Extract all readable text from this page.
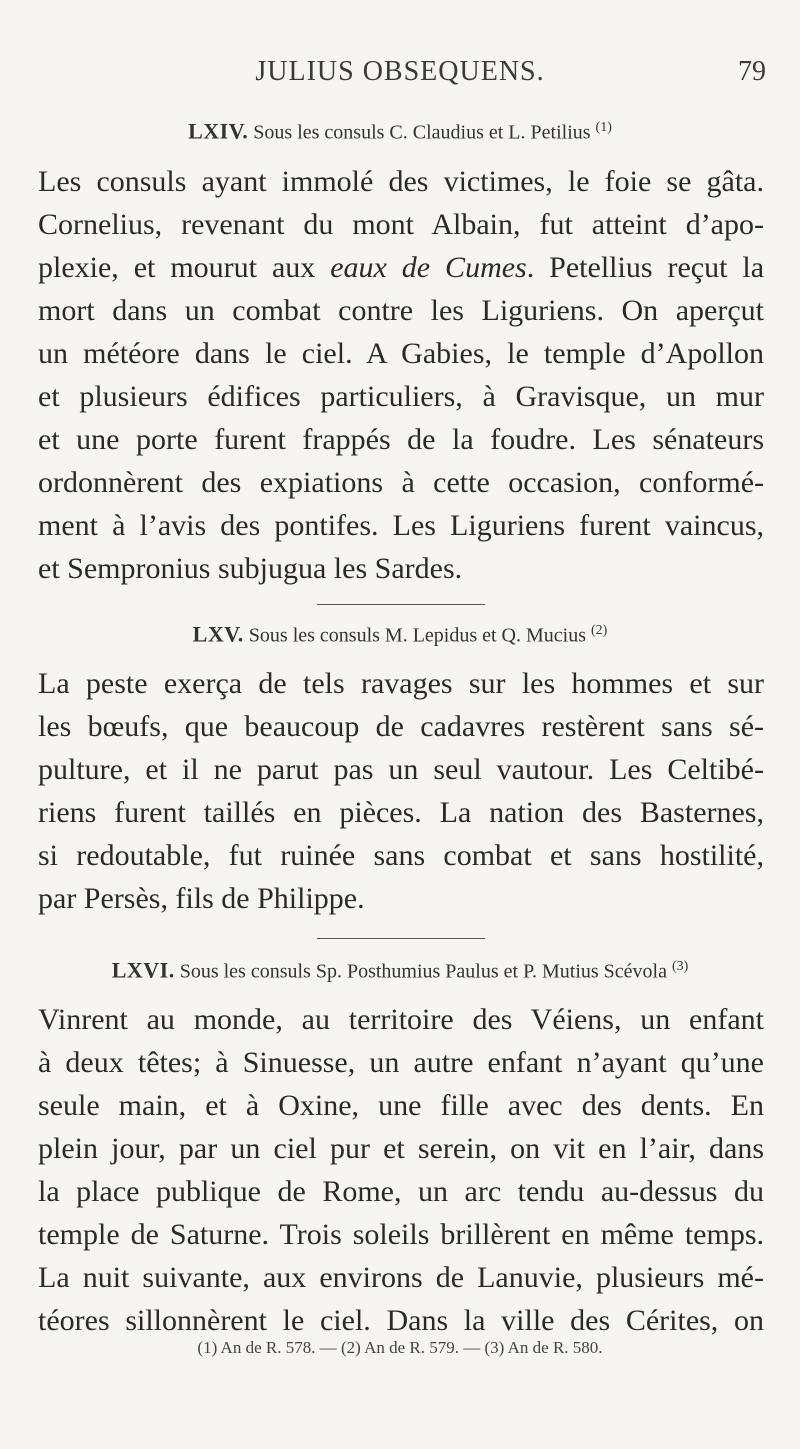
JULIUS OBSEQUENS.	79
LXIV. Sous les consuls C. Claudius et L. Petilius $^{(1)}$
Les consuls ayant immolé des victimes, le foie se gâta.
Cornelius, revenant du mont Albain, fut atteint d’apo-
plexie, et mourut aux eaux de Cumes. Petellius reçut la
mort dans un combat contre les Liguriens. On aperçut
un météore dans le ciel. A Gabies, le temple d’Apollon
et plusieurs édifices particuliers, à Gravisque, un mur
et une porte furent frappés de la foudre. Les sénateurs
ordonnèrent des expiations à cette occasion, conformé-
ment à l’avis des pontifes. Les Liguriens furent vaincus,
et Sempronius subjugua les Sardes.
LXV. Sous les consuls M. Lepidus et Q. Mucius $^{(2)}$
La peste exerça de tels ravages sur les hommes et sur
les bœufs, que beaucoup de cadavres restèrent sans sé-
pulture, et il ne parut pas un seul vautour. Les Celtibé-
riens furent taillés en pièces. La nation des Basternes,
si redoutable, fut ruinée sans combat et sans hostilité,
par Persès, fils de Philippe.
LXVI. Sous les consuls Sp. Posthumius Paulus et P. Mutius Scévola $^{(3)}$
Vinrent au monde, au territoire des Véiens, un enfant
à deux têtes; à Sinuesse, un autre enfant n’ayant qu’une
seule main, et à Oxine, une fille avec des dents. En
plein jour, par un ciel pur et serein, on vit en l’air, dans
la place publique de Rome, un arc tendu au-dessus du
temple de Saturne. Trois soleils brillèrent en même temps.
La nuit suivante, aux environs de Lanuvie, plusieurs mé-
téores sillonnèrent le ciel. Dans la ville des Cérites, on
(1) An de R. 578. — (2) An de R. 579. — (3) An de R. 580.
